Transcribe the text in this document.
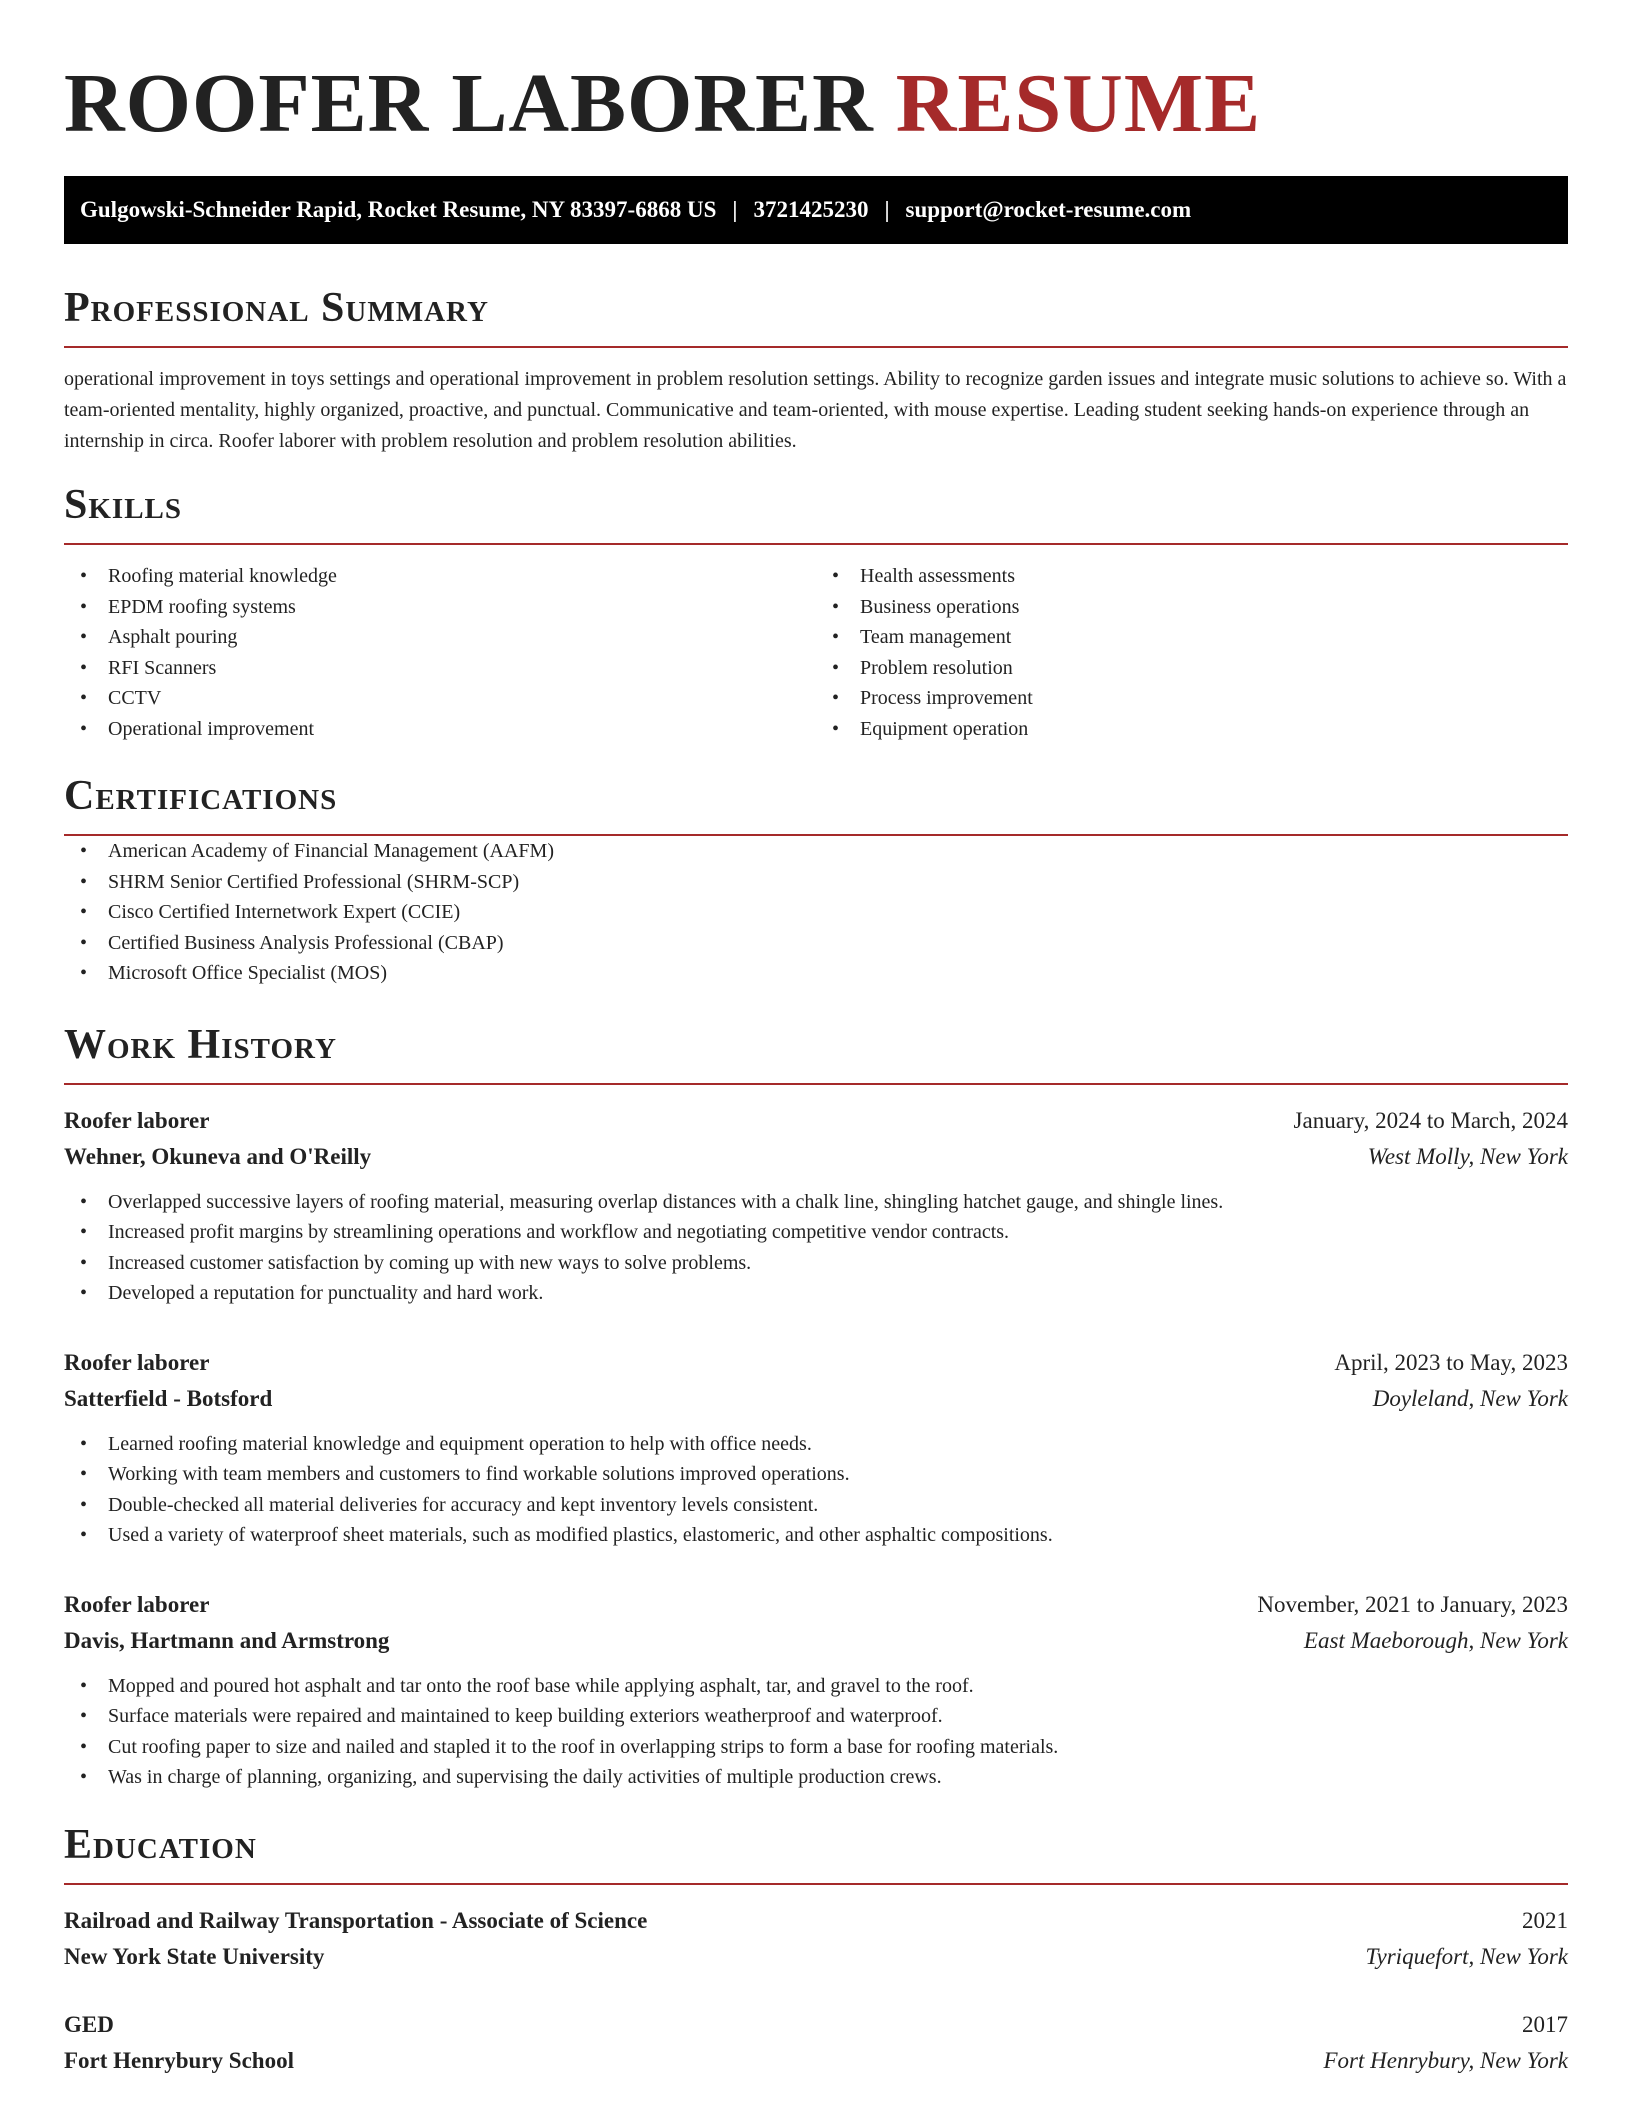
ROOFER LABORER RESUME
Gulgowski-Schneider Rapid, Rocket Resume, NY 83397-6868 US | 3721425230 | support@rocket-resume.com
Professional Summary

operational improvement in toys settings and operational improvement in problem resolution settings. Ability to recognize garden issues and integrate music solutions to achieve so. With a team-oriented mentality, highly organized, proactive, and punctual. Communicative and team-oriented, with mouse expertise. Leading student seeking hands-on experience through an internship in circa. Roofer laborer with problem resolution and problem resolution abilities.

Skills
• Roofing material knowledge
• EPDM roofing systems
• Asphalt pouring
• RFI Scanners
• CCTV
• Operational improvement
• Health assessments
• Business operations
• Team management
• Problem resolution
• Process improvement
• Equipment operation
Certifications
• American Academy of Financial Management (AAFM)
• SHRM Senior Certified Professional (SHRM-SCP)
• Cisco Certified Internetwork Expert (CCIE)
• Certified Business Analysis Professional (CBAP)
• Microsoft Office Specialist (MOS)
Work History
Roofer laborer	January, 2024 to March, 2024
Wehner, Okuneva and O'Reilly	West Molly, New York
• Overlapped successive layers of roofing material, measuring overlap distances with a chalk line, shingling hatchet gauge, and shingle lines.
• Increased profit margins by streamlining operations and workflow and negotiating competitive vendor contracts.
• Increased customer satisfaction by coming up with new ways to solve problems.
• Developed a reputation for punctuality and hard work.
Roofer laborer	April, 2023 to May, 2023
Satterfield - Botsford	Doyleland, New York
• Learned roofing material knowledge and equipment operation to help with office needs.
• Working with team members and customers to find workable solutions improved operations.
• Double-checked all material deliveries for accuracy and kept inventory levels consistent.
• Used a variety of waterproof sheet materials, such as modified plastics, elastomeric, and other asphaltic compositions.
Roofer laborer	November, 2021 to January, 2023
Davis, Hartmann and Armstrong	East Maeborough, New York
• Mopped and poured hot asphalt and tar onto the roof base while applying asphalt, tar, and gravel to the roof.
• Surface materials were repaired and maintained to keep building exteriors weatherproof and waterproof.
• Cut roofing paper to size and nailed and stapled it to the roof in overlapping strips to form a base for roofing materials.
• Was in charge of planning, organizing, and supervising the daily activities of multiple production crews.
Education
Railroad and Railway Transportation - Associate of Science	2021
New York State University	Tyriquefort, New York
GED	2017
Fort Henrybury School	Fort Henrybury, New York
